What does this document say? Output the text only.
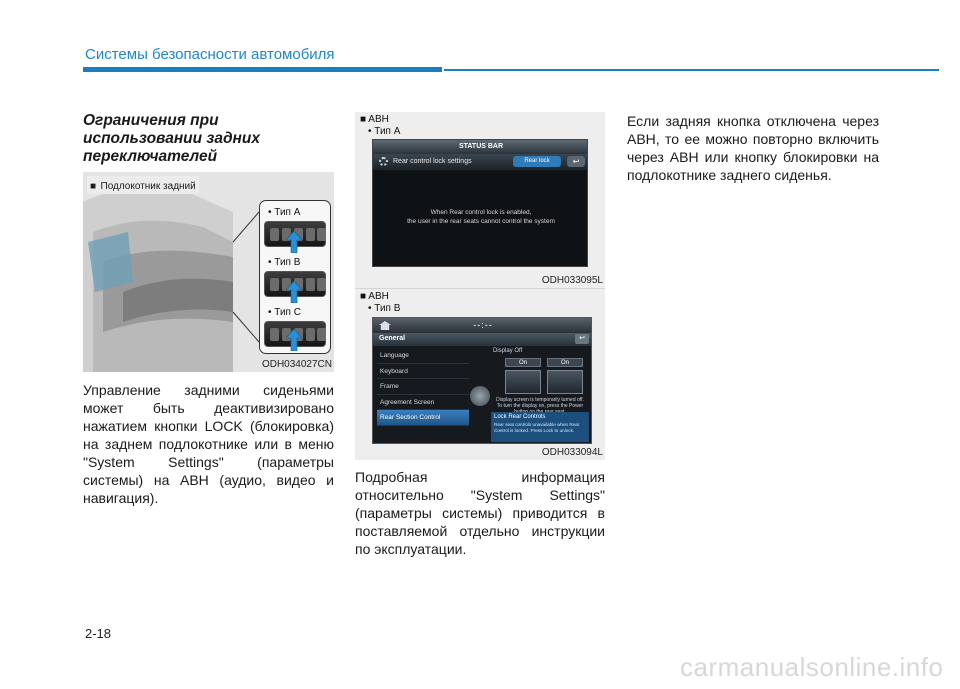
Системы безопасности автомобиля
Ограничения при использовании задних переключателей
■ Подлокотник задний
• Тип A
• Тип B
• Тип C
ODH034027CN
■ ABH
• Тип A
STATUS BAR
Rear control lock settings	Rear lock	↩
When Rear control lock is enabled,
the user in the rear seats cannot control the system
ODH033095L
■ ABH
• Тип B
--:--
General	↩
Language
Keyboard
Frame
Agreement Screen
Rear Section Control
Display Off
On	On
Display screen is temporarily turned off. To turn the display on, press the Power
Lock Rear Controls
Rear seat controls unavailable when Rear Control is locked. Press Lock to unlock.
ODH033094L
Управление задними сиденьями может быть деактивизировано нажатием кнопки LOCK (блокировка) на заднем подлокотнике или в меню "System Settings" (параметры системы) на АВН (аудио, видео и навигация).
Подробная информация относительно "System Settings" (параметры системы) приводится в поставляемой отдельно инструкции по эксплуатации.
Если задняя кнопка отключена через АВН, то ее можно повторно включить через АВН или кнопку блокировки на подлокотнике заднего сиденья.
2-18
carmanualsonline.info
